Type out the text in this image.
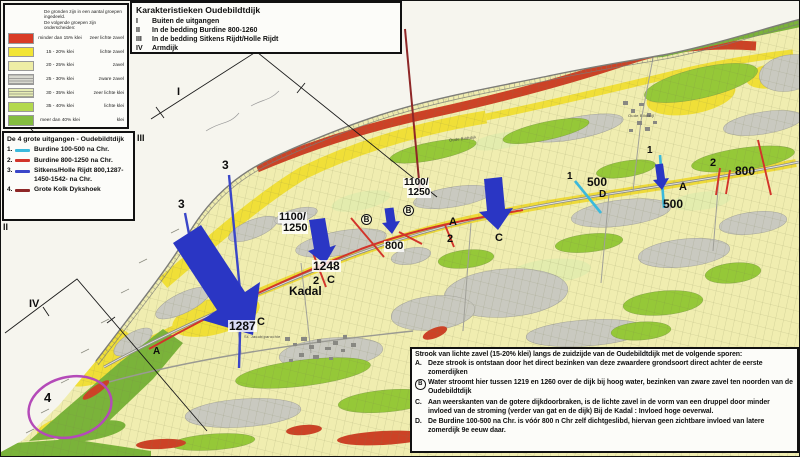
I
III
II
IV
3
3
1100/
1250
1100/
1250
B
B
800
A
2	C
1248
2 C
Kadal
1287 C
A
1 500
D
1
A
500
2
800
4
Oude Bildtdijk
St. Jacobiparochie
Oude Bildtzijl
De gronden zijn in een aantal groepen ingedeeld.
De volgende groepen zijn onderscheiden:
minder dan 15% klei	zeer lichte zavel
15 - 20% klei	lichte zavel
20 - 25% klei	zavel
25 - 30% klei	zware zavel
30 - 35% klei	zeer lichte klei
35 - 40% klei	lichte klei
meer dan 40% klei	klei
De 4 grote uitgangen - Oudebildtdijk
1.	Burdine 100-500 na Chr.
2.	Burdine 800-1250 na Chr.
3.	Sitkens/Holle Rijdt 800,1287-1450-1542- na Chr.
4.	Grote Kolk Dykshoek
Karakteristieken Oudebildtdijk
I	Buiten de uitgangen
II	In de bedding Burdine 800-1260
III	In de bedding Sitkens Rijdt/Holle Rijdt
IV	Armdijk
Strook van lichte zavel (15-20% klei) langs de zuidzijde van de Oudebildtdijk met de volgende sporen:
A. Deze strook is ontstaan door het direct bezinken van deze zwaardere grondsoort direct achter de eerste zomerdijken
B Water stroomt hier tussen 1219 en 1260 over de dijk bij hoog water, bezinken van zware zavel ten noorden van de Oudebildtdijk
C. Aan weerskanten van de gotere dijkdoorbraken, is de lichte zavel in de vorm van een druppel door minder invloed van de stroming (verder van gat en de dijk) Bij de Kadal : Invloed hoge oeverwal.
D. De Burdine 100-500 na Chr. is vóór 800 n Chr zelf dichtgeslibd, hiervan geen zichtbare invloed van latere zomerdijk 9e eeuw daar.
